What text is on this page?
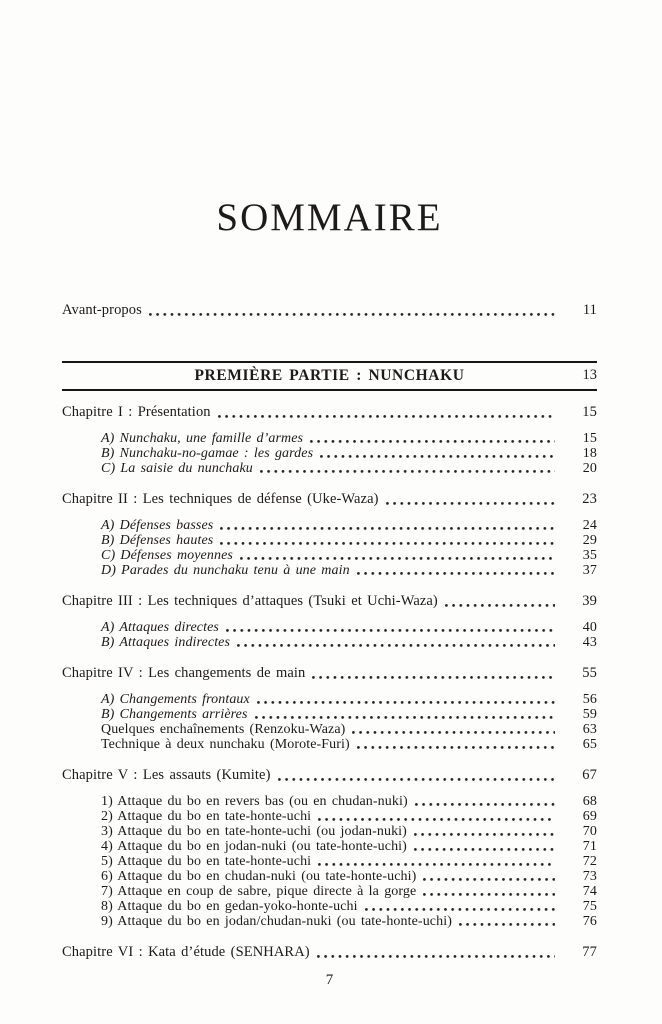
SOMMAIRE
Avant-propos	11
PREMIÈRE PARTIE : NUNCHAKU	13
Chapitre I : Présentation	15
A) Nunchaku, une famille d’armes	15
B) Nunchaku-no-gamae : les gardes	18
C) La saisie du nunchaku	20
Chapitre II : Les techniques de défense (Uke-Waza)	23
A) Défenses basses	24
B) Défenses hautes	29
C) Défenses moyennes	35
D) Parades du nunchaku tenu à une main	37
Chapitre III : Les techniques d’attaques (Tsuki et Uchi-Waza)	39
A) Attaques directes	40
B) Attaques indirectes	43
Chapitre IV : Les changements de main	55
A) Changements frontaux	56
B) Changements arrières	59
Quelques enchaînements (Renzoku-Waza)	63
Technique à deux nunchaku (Morote-Furi)	65
Chapitre V : Les assauts (Kumite)	67
1) Attaque du bo en revers bas (ou en chudan-nuki)	68
2) Attaque du bo en tate-honte-uchi	69
3) Attaque du bo en tate-honte-uchi (ou jodan-nuki)	70
4) Attaque du bo en jodan-nuki (ou tate-honte-uchi)	71
5) Attaque du bo en tate-honte-uchi	72
6) Attaque du bo en chudan-nuki (ou tate-honte-uchi)	73
7) Attaque en coup de sabre, pique directe à la gorge	74
8) Attaque du bo en gedan-yoko-honte-uchi	75
9) Attaque du bo en jodan/chudan-nuki (ou tate-honte-uchi)	76
Chapitre VI : Kata d’étude (SENHARA)	77
7
